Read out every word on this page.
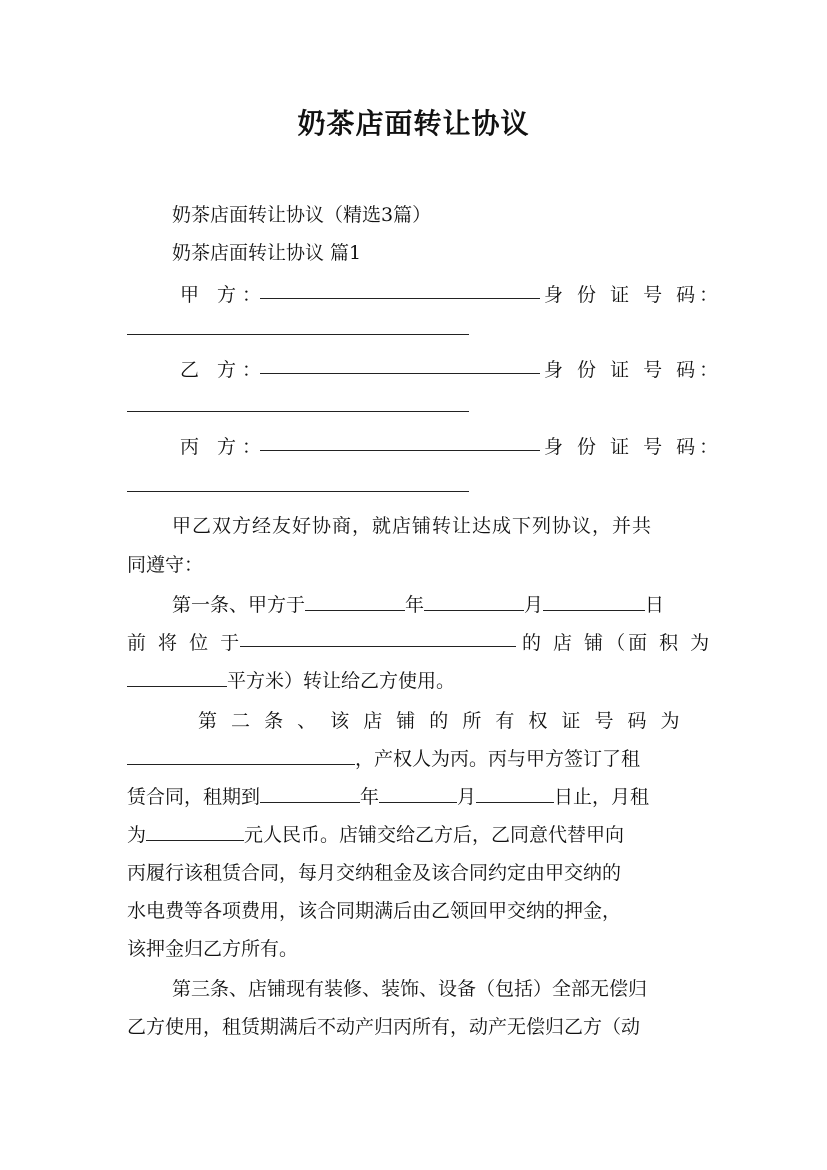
奶茶店面转让协议
奶茶店面转让协议（精选3篇）
奶茶店面转让协议 篇1
甲 方：	身 份 证 号 码：
乙 方：	身 份 证 号 码：
丙 方：	身 份 证 号 码：
甲乙双方经友好协商，就店铺转让达成下列协议，并共
同遵守：
第一条、甲方于	年	月	日
前 将 位 于	的 店 铺（面 积 为
平方米）转让给乙方使用。
第 二 条 、 该 店 铺 的 所 有 权 证 号 码 为
，产权人为丙。丙与甲方签订了租
赁合同，租期到	年	月	日止，月租
为	元人民币。店铺交给乙方后，乙同意代替甲向
丙履行该租赁合同，每月交纳租金及该合同约定由甲交纳的
水电费等各项费用，该合同期满后由乙领回甲交纳的押金，
该押金归乙方所有。
第三条、店铺现有装修、装饰、设备（包括）全部无偿归
乙方使用，租赁期满后不动产归丙所有，动产无偿归乙方（动
